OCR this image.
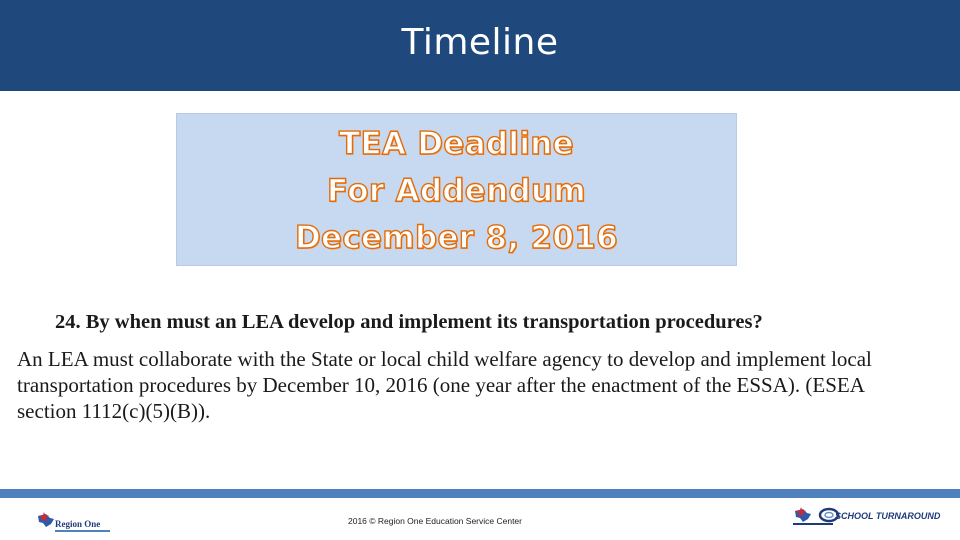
Timeline
TEA Deadline
For Addendum
December 8, 2016
24. By when must an LEA develop and implement its transportation procedures?
An LEA must collaborate with the State or local child welfare agency to develop and implement local
transportation procedures by December 10, 2016 (one year after the enactment of the ESSA). (ESEA
section 1112(c)(5)(B)).
Region One	2016 © Region One Education Service Center	SCHOOL TURNAROUND
